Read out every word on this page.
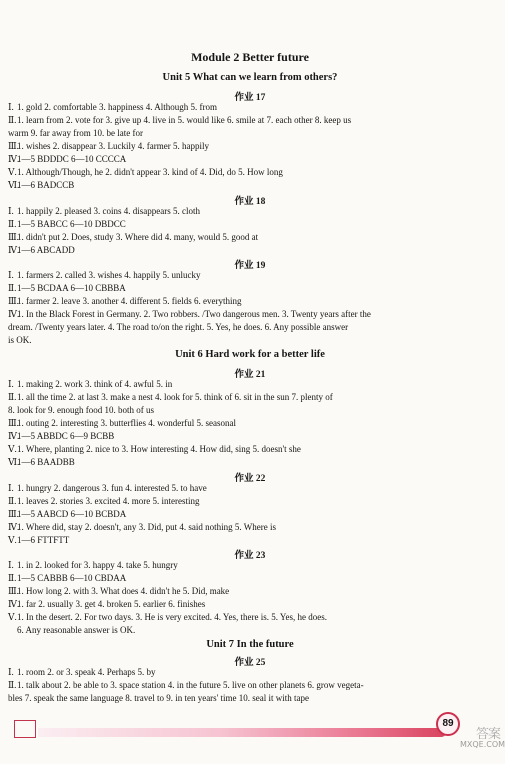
Module 2 Better future
Unit 5 What can we learn from others?
作业 17
Ⅰ. 1. gold 2. comfortable 3. happiness 4. Although 5. from
Ⅱ.1. learn from 2. vote for 3. give up 4. live in 5. would like 6. smile at 7. each other 8. keep us
warm 9. far away from 10. be late for
Ⅲ.1. wishes 2. disappear 3. Luckily 4. farmer 5. happily
Ⅳ.1—5 BDDDC 6—10 CCCCA
Ⅴ.1. Although/Though, he 2. didn't appear 3. kind of 4. Did, do 5. How long
Ⅵ.1—6 BADCCB
作业 18
Ⅰ. 1. happily 2. pleased 3. coins 4. disappears 5. cloth
Ⅱ.1—5 BABCC 6—10 DBDCC
Ⅲ.1. didn't put 2. Does, study 3. Where did 4. many, would 5. good at
Ⅳ.1—6 ABCADD
作业 19
Ⅰ. 1. farmers 2. called 3. wishes 4. happily 5. unlucky
Ⅱ.1—5 BCDAA 6—10 CBBBA
Ⅲ.1. farmer 2. leave 3. another 4. different 5. fields 6. everything
Ⅳ.1. In the Black Forest in Germany. 2. Two robbers. /Two dangerous men. 3. Twenty years after the
dream. /Twenty years later. 4. The road to/on the right. 5. Yes, he does. 6. Any possible answer
is OK.
Unit 6 Hard work for a better life
作业 21
Ⅰ. 1. making 2. work 3. think of 4. awful 5. in
Ⅱ.1. all the time 2. at last 3. make a nest 4. look for 5. think of 6. sit in the sun 7. plenty of
8. look for 9. enough food 10. both of us
Ⅲ.1. outing 2. interesting 3. butterflies 4. wonderful 5. seasonal
Ⅳ.1—5 ABBDC 6—9 BCBB
Ⅴ.1. Where, planting 2. nice to 3. How interesting 4. How did, sing 5. doesn't she
Ⅵ.1—6 BAADBB
作业 22
Ⅰ. 1. hungry 2. dangerous 3. fun 4. interested 5. to have
Ⅱ.1. leaves 2. stories 3. excited 4. more 5. interesting
Ⅲ.1—5 AABCD 6—10 BCBDA
Ⅳ.1. Where did, stay 2. doesn't, any 3. Did, put 4. said nothing 5. Where is
Ⅴ.1—6 FTTFTT
作业 23
Ⅰ. 1. in 2. looked for 3. happy 4. take 5. hungry
Ⅱ.1—5 CABBB 6—10 CBDAA
Ⅲ.1. How long 2. with 3. What does 4. didn't he 5. Did, make
Ⅳ.1. far 2. usually 3. get 4. broken 5. earlier 6. finishes
Ⅴ.1. In the desert. 2. For two days. 3. He is very excited. 4. Yes, there is. 5. Yes, he does.
6. Any reasonable answer is OK.
Unit 7 In the future
作业 25
Ⅰ. 1. room 2. or 3. speak 4. Perhaps 5. by
Ⅱ.1. talk about 2. be able to 3. space station 4. in the future 5. live on other planets 6. grow vegeta-
bles 7. speak the same language 8. travel to 9. in ten years' time 10. seal it with tape
89
答案
MXQE.COM
